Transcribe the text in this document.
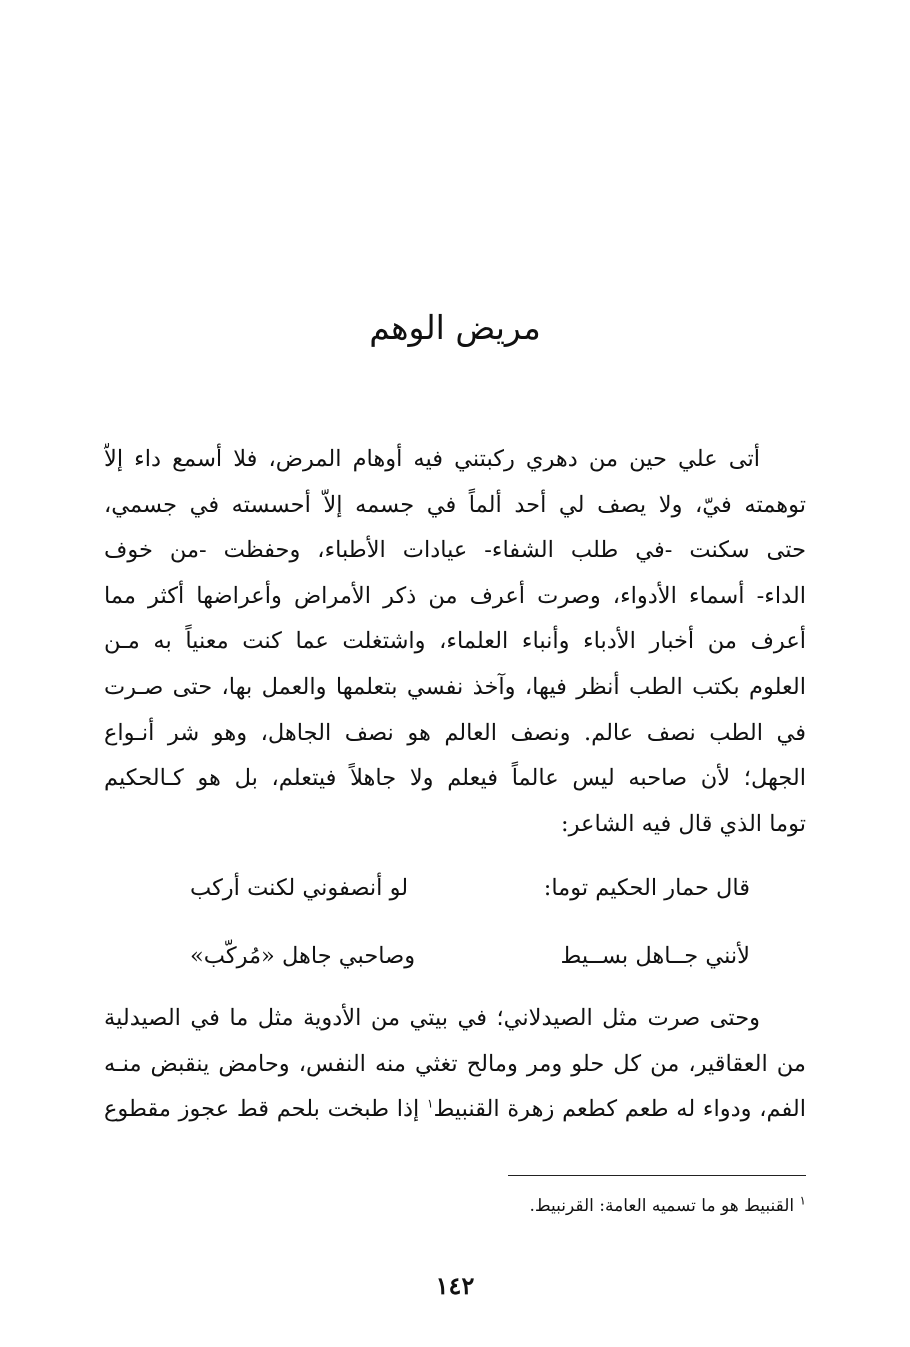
مريض الوهم
أتى علي حين من دهري ركبتني فيه أوهام المرض، فلا أسمع داء إلاّ
توهمته فيّ، ولا يصف لي أحد ألماً في جسمه إلاّ أحسسته في جسمي،
حتى سكنت -في طلب الشفاء- عيادات الأطباء، وحفظت -من خوف
الداء- أسماء الأدواء، وصرت أعرف من ذكر الأمراض وأعراضها أكثر مما
أعرف من أخبار الأدباء وأنباء العلماء، واشتغلت عما كنت معنياً به مـن
العلوم بكتب الطب أنظر فيها، وآخذ نفسي بتعلمها والعمل بها، حتى صـرت
في الطب نصف عالم. ونصف العالم هو نصف الجاهل، وهو شر أنـواع
الجهل؛ لأن صاحبه ليس عالماً فيعلم ولا جاهلاً فيتعلم، بل هو كـالحكيم
توما الذي قال فيه الشاعر:
قال حمار الحكيم توما:
لو أنصفوني لكنت أركب
لأنني جــاهل بســيط
وصاحبي جاهل «مُركّب»
وحتى صرت مثل الصيدلاني؛ في بيتي من الأدوية مثل ما في الصيدلية
من العقاقير، من كل حلو ومر ومالح تغثي منه النفس، وحامض ينقبض منـه
الفم، ودواء له طعم كطعم زهرة القنبيط$^١$ إذا طبخت بلحم قط عجوز مقطوع
$^١$ القنبيط هو ما تسميه العامة: القرنبيط.
١٤٢
